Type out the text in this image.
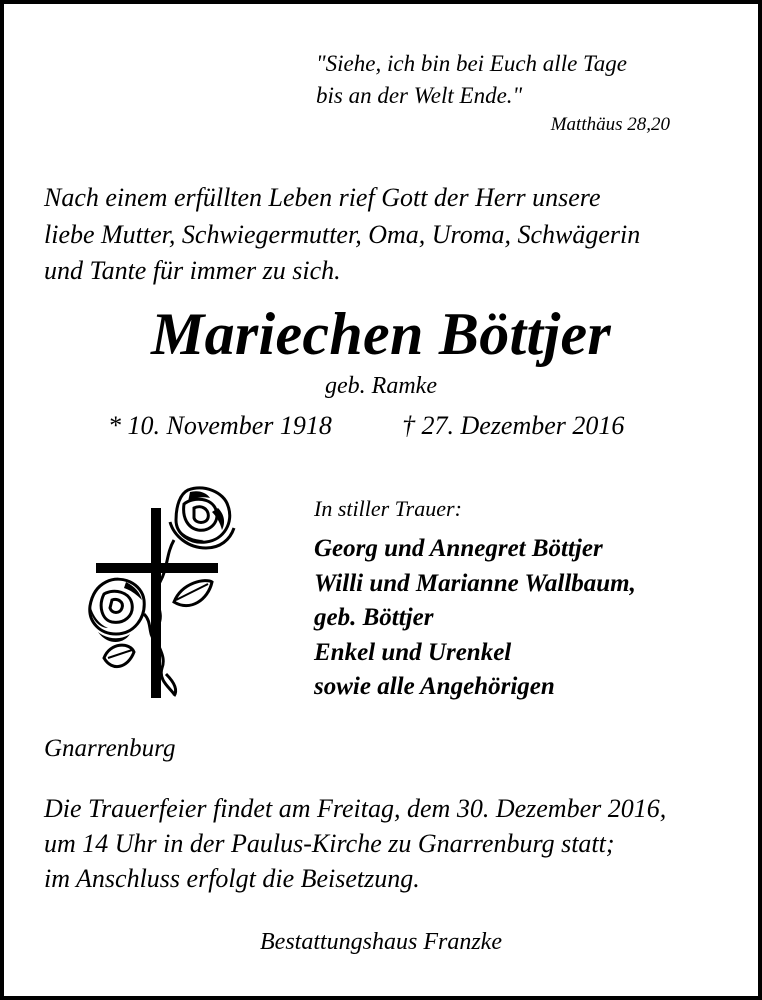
"Siehe, ich bin bei Euch alle Tage
bis an der Welt Ende."
Matthäus 28,20
Nach einem erfüllten Leben rief Gott der Herr unsere
liebe Mutter, Schwiegermutter, Oma, Uroma, Schwägerin
und Tante für immer zu sich.
Mariechen Böttjer
geb. Ramke
* 10. November 1918	† 27. Dezember 2016
In stiller Trauer:
Georg und Annegret Böttjer
Willi und Marianne Wallbaum,
geb. Böttjer
Enkel und Urenkel
sowie alle Angehörigen
Gnarrenburg
Die Trauerfeier findet am Freitag, dem 30. Dezember 2016,
um 14 Uhr in der Paulus-Kirche zu Gnarrenburg statt;
im Anschluss erfolgt die Beisetzung.
Bestattungshaus Franzke
